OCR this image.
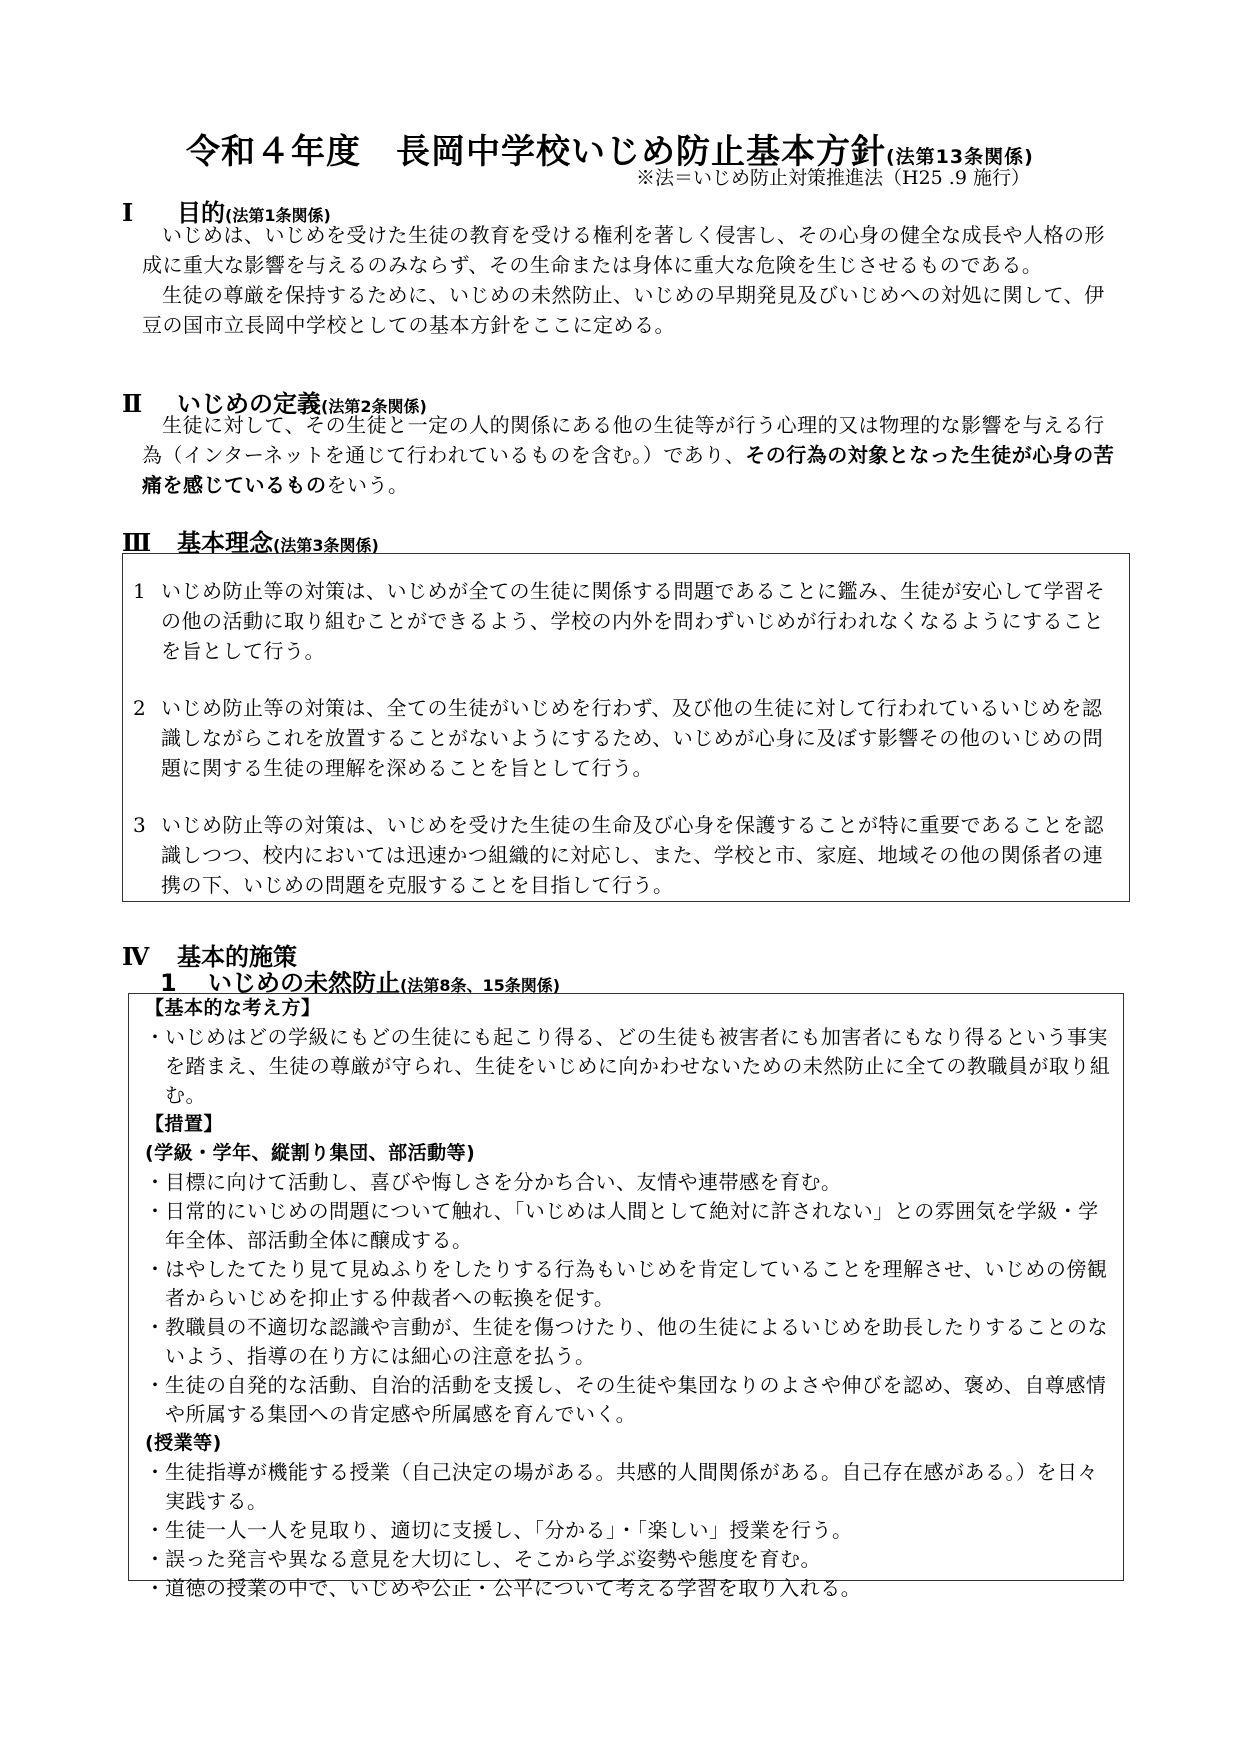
令和４年度　長岡中学校いじめ防止基本方針(法第13条関係)
※法＝いじめ防止対策推進法（H25 .9 施行）
Ⅰ 目的(法第1条関係)

いじめは、いじめを受けた生徒の教育を受ける権利を著しく侵害し、その心身の健全な成長や人格の形成に重大な影響を与えるのみならず、その生命または身体に重大な危険を生じさせるものである。

生徒の尊厳を保持するために、いじめの未然防止、いじめの早期発見及びいじめへの対処に関して、伊豆の国市立長岡中学校としての基本方針をここに定める。

Ⅱ いじめの定義(法第2条関係)

生徒に対して、その生徒と一定の人的関係にある他の生徒等が行う心理的又は物理的な影響を与える行為（インターネットを通じて行われているものを含む。）であり、その行為の対象となった生徒が心身の苦痛を感じているものをいう。

Ⅲ 基本理念(法第3条関係)
1 いじめ防止等の対策は、いじめが全ての生徒に関係する問題であることに鑑み、生徒が安心して学習その他の活動に取り組むことができるよう、学校の内外を問わずいじめが行われなくなるようにすることを旨として行う。
2 いじめ防止等の対策は、全ての生徒がいじめを行わず、及び他の生徒に対して行われているいじめを認識しながらこれを放置することがないようにするため、いじめが心身に及ぼす影響その他のいじめの問題に関する生徒の理解を深めることを旨として行う。
3 いじめ防止等の対策は、いじめを受けた生徒の生命及び心身を保護することが特に重要であることを認識しつつ、校内においては迅速かつ組織的に対応し、また、学校と市、家庭、地域その他の関係者の連携の下、いじめの問題を克服することを目指して行う。
Ⅳ 基本的施策
1 いじめの未然防止(法第8条、15条関係)
【基本的な考え方】
・ いじめはどの学級にもどの生徒にも起こり得る、どの生徒も被害者にも加害者にもなり得るという事実を踏まえ、生徒の尊厳が守られ、生徒をいじめに向かわせないための未然防止に全ての教職員が取り組む。
【措置】
(学級・学年、縦割り集団、部活動等)
・ 目標に向けて活動し、喜びや悔しさを分かち合い、友情や連帯感を育む。
・ 日常的にいじめの問題について触れ、「いじめは人間として絶対に許されない」との雰囲気を学級・学年全体、部活動全体に醸成する。
・ はやしたてたり見て見ぬふりをしたりする行為もいじめを肯定していることを理解させ、いじめの傍観者からいじめを抑止する仲裁者への転換を促す。
・ 教職員の不適切な認識や言動が、生徒を傷つけたり、他の生徒によるいじめを助長したりすることのないよう、指導の在り方には細心の注意を払う。
・ 生徒の自発的な活動、自治的活動を支援し、その生徒や集団なりのよさや伸びを認め、褒め、自尊感情や所属する集団への肯定感や所属感を育んでいく。
(授業等)
・ 生徒指導が機能する授業（自己決定の場がある。共感的人間関係がある。自己存在感がある。）を日々実践する。
・ 生徒一人一人を見取り、適切に支援し、「分かる」・「楽しい」授業を行う。
・ 誤った発言や異なる意見を大切にし、そこから学ぶ姿勢や態度を育む。
・ 道徳の授業の中で、いじめや公正・公平について考える学習を取り入れる。
